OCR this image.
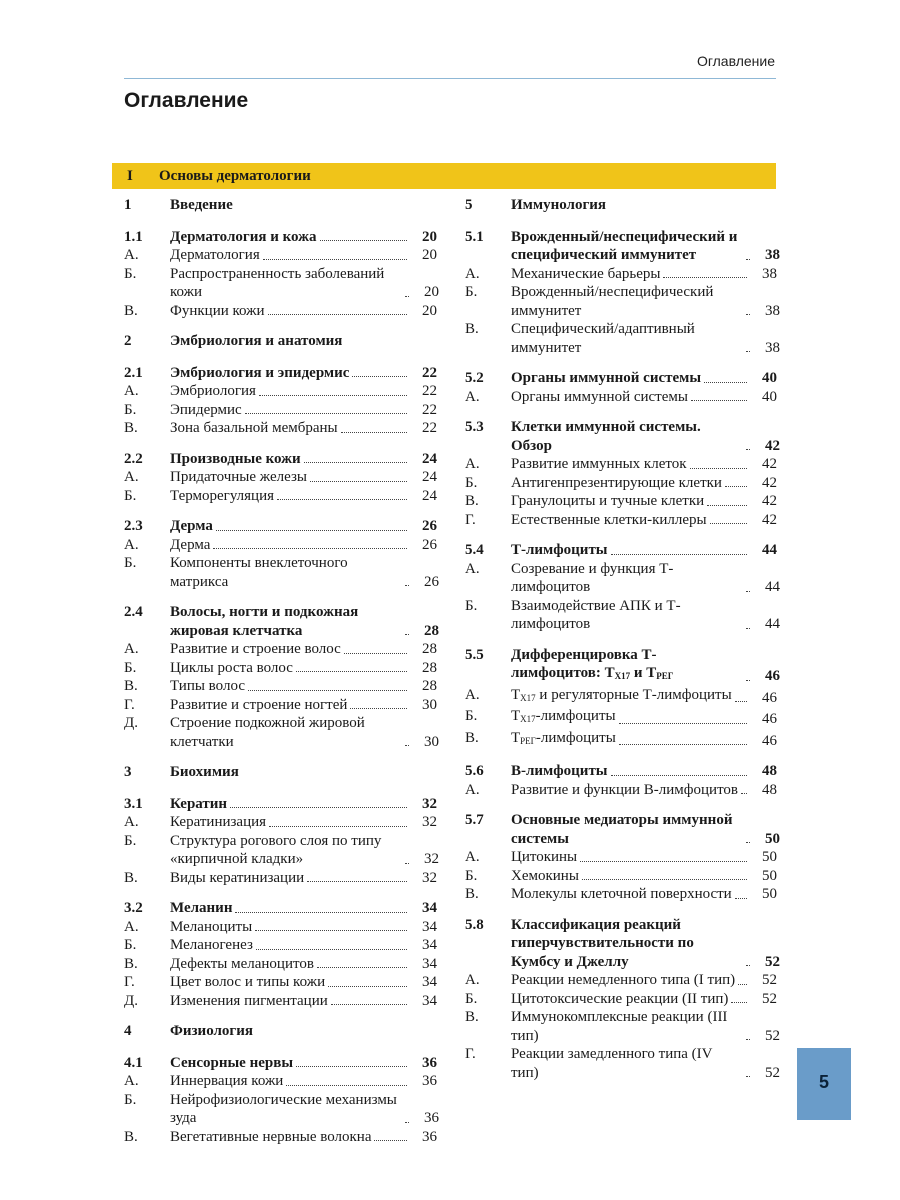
Оглавление
Оглавление
I Основы дерматологии
1	Введение
1.1	Дерматология и кожа	20
А.	Дерматология	20
Б.	Распространенность заболеваний кожи	20
В.	Функции кожи	20
2	Эмбриология и анатомия
2.1	Эмбриология и эпидермис	22
А.	Эмбриология	22
Б.	Эпидермис	22
В.	Зона базальной мембраны	22
2.2	Производные кожи	24
А.	Придаточные железы	24
Б.	Терморегуляция	24
2.3	Дерма	26
А.	Дерма	26
Б.	Компоненты внеклеточного матрикса	26
2.4	Волосы, ногти и подкожная жировая клетчатка	28
А.	Развитие и строение волос	28
Б.	Циклы роста волос	28
В.	Типы волос	28
Г.	Развитие и строение ногтей	30
Д.	Строение подкожной жировой клетчатки	30
3	Биохимия
3.1	Кератин	32
А.	Кератинизация	32
Б.	Структура рогового слоя по типу «кирпичной кладки»	32
В.	Виды кератинизации	32
3.2	Меланин	34
А.	Меланоциты	34
Б.	Меланогенез	34
В.	Дефекты меланоцитов	34
Г.	Цвет волос и типы кожи	34
Д.	Изменения пигментации	34
4	Физиология
4.1	Сенсорные нервы	36
А.	Иннервация кожи	36
Б.	Нейрофизиологические механизмы зуда	36
В.	Вегетативные нервные волокна	36
5	Иммунология
5.1	Врожденный/неспецифический и специфический иммунитет	38
А.	Механические барьеры	38
Б.	Врожденный/неспецифический иммунитет	38
В.	Специфический/адаптивный иммунитет	38
5.2	Органы иммунной системы	40
А.	Органы иммунной системы	40
5.3	Клетки иммунной системы. Обзор	42
А.	Развитие иммунных клеток	42
Б.	Антигенпрезентирующие клетки	42
В.	Гранулоциты и тучные клетки	42
Г.	Естественные клетки-киллеры	42
5.4	Т-лимфоциты	44
А.	Созревание и функция Т-лимфоцитов	44
Б.	Взаимодействие АПК и Т-лимфоцитов	44
5.5	Дифференцировка Т-лимфоцитов: $Т_{Х17}$ и $Т_{РЕГ}$	46
А.	$Т_{Х17}$ и регуляторные Т-лимфоциты	46
Б.	$Т_{Х17}$-лимфоциты	46
В.	$Т_{РЕГ}$-лимфоциты	46
5.6	В-лимфоциты	48
А.	Развитие и функции В-лимфоцитов	48
5.7	Основные медиаторы иммунной системы	50
А.	Цитокины	50
Б.	Хемокины	50
В.	Молекулы клеточной поверхности	50
5.8	Классификация реакций гиперчувствительности по Кумбсу и Джеллу	52
А.	Реакции немедленного типа (I тип)	52
Б.	Цитотоксические реакции (II тип)	52
В.	Иммунокомплексные реакции (III тип)	52
Г.	Реакции замедленного типа (IV тип)	52	5
